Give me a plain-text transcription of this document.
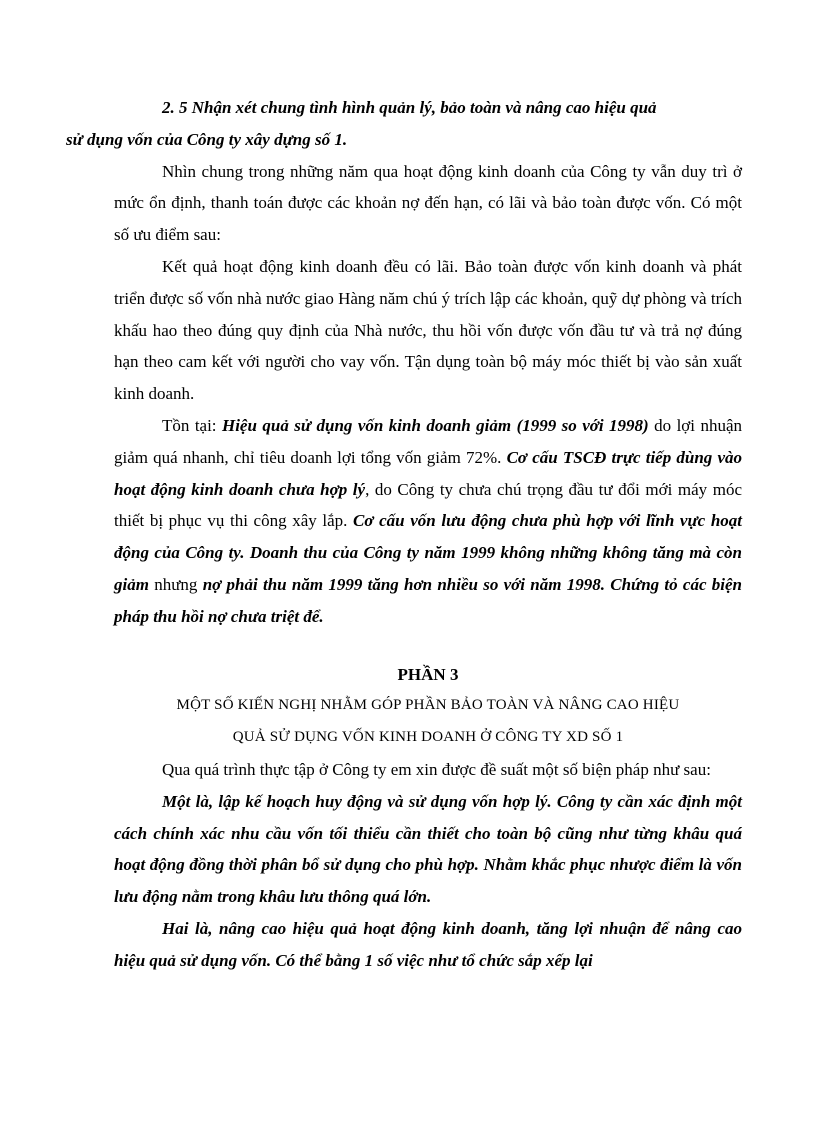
2. 5 Nhận xét chung tình hình quản lý, bảo toàn và nâng cao hiệu quả
sử dụng vốn của Công ty xây dựng số 1.

Nhìn chung trong những năm qua hoạt động kinh doanh của Công ty vẫn duy trì ở mức ổn định, thanh toán được các khoản nợ đến hạn, có lãi và bảo toàn được vốn. Có một số ưu điểm sau:

Kết quả hoạt động kinh doanh đều có lãi. Bảo toàn được vốn kinh doanh và phát triển được số vốn nhà nước giao Hàng năm chú ý trích lập các khoản, quỹ dự phòng và trích khấu hao theo đúng quy định của Nhà nước, thu hồi vốn được vốn đầu tư và trả nợ đúng hạn theo cam kết với người cho vay vốn. Tận dụng toàn bộ máy móc thiết bị vào sản xuất kinh doanh.

Tồn tại: Hiệu quả sử dụng vốn kinh doanh giảm (1999 so với 1998) do lợi nhuận giảm quá nhanh, chỉ tiêu doanh lợi tổng vốn giảm 72%. Cơ cấu TSCĐ trực tiếp dùng vào hoạt động kinh doanh chưa hợp lý, do Công ty chưa chú trọng đầu tư đổi mới máy móc thiết bị phục vụ thi công xây lắp. Cơ cấu vốn lưu động chưa phù hợp với lĩnh vực hoạt động của Công ty. Doanh thu của Công ty năm 1999 không những không tăng mà còn giảm nhưng nợ phải thu năm 1999 tăng hơn nhiều so với năm 1998. Chứng tỏ các biện pháp thu hồi nợ chưa triệt để.

PHẦN 3

MỘT SỐ KIẾN NGHỊ NHẰM GÓP PHẦN BẢO TOÀN VÀ NÂNG CAO HIỆU

QUẢ SỬ DỤNG VỐN KINH DOANH Ở CÔNG TY XD SỐ 1

Qua quá trình thực tập ở Công ty em xin được đề suất một số biện pháp như sau:

Một là, lập kế hoạch huy động và sử dụng vốn hợp lý. Công ty cần xác định một cách chính xác nhu cầu vốn tối thiểu cần thiết cho toàn bộ cũng như từng khâu quá hoạt động đồng thời phân bổ sử dụng cho phù hợp. Nhằm khắc phục nhược điểm là vốn lưu động nằm trong khâu lưu thông quá lớn.

Hai là, nâng cao hiệu quả hoạt động kinh doanh, tăng lợi nhuận để nâng cao hiệu quả sử dụng vốn. Có thể bằng 1 số việc như tổ chức sắp xếp lại
